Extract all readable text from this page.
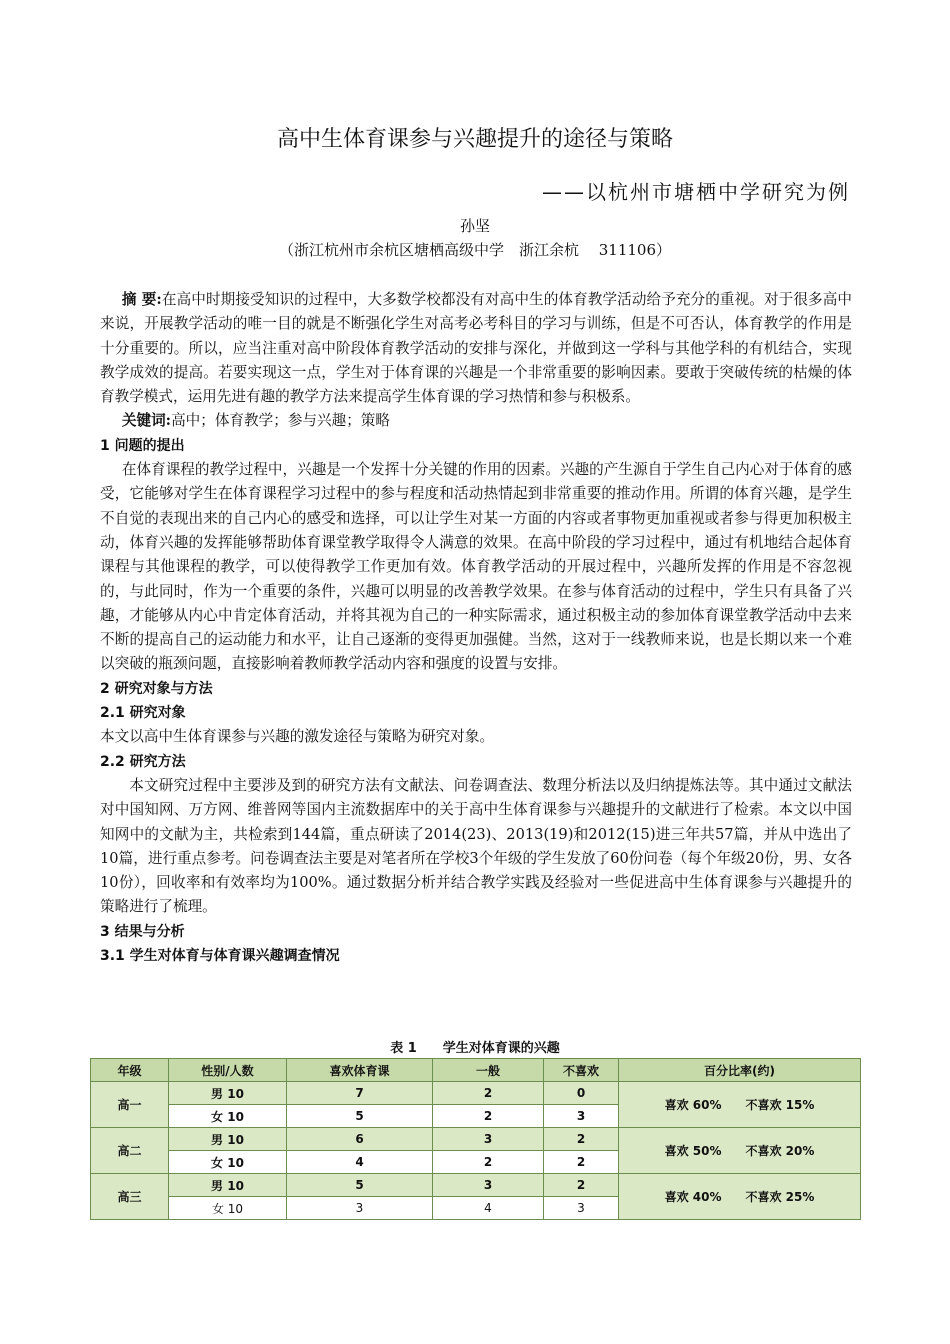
高中生体育课参与兴趣提升的途径与策略
——以杭州市塘栖中学研究为例
孙坚
（浙江杭州市余杭区塘栖高级中学　浙江余杭　 311106）

摘 要:在高中时期接受知识的过程中，大多数学校都没有对高中生的体育教学活动给予充分的重视。对于很多高中来说，开展教学活动的唯一目的就是不断强化学生对高考必考科目的学习与训练，但是不可否认，体育教学的作用是十分重要的。所以，应当注重对高中阶段体育教学活动的安排与深化，并做到这一学科与其他学科的有机结合，实现教学成效的提高。若要实现这一点，学生对于体育课的兴趣是一个非常重要的影响因素。要敢于突破传统的枯燥的体育教学模式，运用先进有趣的教学方法来提高学生体育课的学习热情和参与积极系。

关键词:高中；体育教学；参与兴趣；策略

1 问题的提出

在体育课程的教学过程中，兴趣是一个发挥十分关键的作用的因素。兴趣的产生源自于学生自己内心对于体育的感受，它能够对学生在体育课程学习过程中的参与程度和活动热情起到非常重要的推动作用。所谓的体育兴趣，是学生不自觉的表现出来的自己内心的感受和选择，可以让学生对某一方面的内容或者事物更加重视或者参与得更加积极主动，体育兴趣的发挥能够帮助体育课堂教学取得令人满意的效果。在高中阶段的学习过程中，通过有机地结合起体育课程与其他课程的教学，可以使得教学工作更加有效。体育教学活动的开展过程中，兴趣所发挥的作用是不容忽视的，与此同时，作为一个重要的条件，兴趣可以明显的改善教学效果。在参与体育活动的过程中，学生只有具备了兴趣，才能够从内心中肯定体育活动，并将其视为自己的一种实际需求，通过积极主动的参加体育课堂教学活动中去来不断的提高自己的运动能力和水平，让自己逐渐的变得更加强健。当然，这对于一线教师来说，也是长期以来一个难以突破的瓶颈问题，直接影响着教师教学活动内容和强度的设置与安排。

2 研究对象与方法

2.1 研究对象

本文以高中生体育课参与兴趣的激发途径与策略为研究对象。

2.2 研究方法

本文研究过程中主要涉及到的研究方法有文献法、问卷调查法、数理分析法以及归纳提炼法等。其中通过文献法对中国知网、万方网、维普网等国内主流数据库中的关于高中生体育课参与兴趣提升的文献进行了检索。本文以中国知网中的文献为主，共检索到144篇，重点研读了2014(23)、2013(19)和2012(15)进三年共57篇，并从中选出了10篇，进行重点参考。问卷调查法主要是对笔者所在学校3个年级的学生发放了60份问卷（每个年级20份，男、女各10份），回收率和有效率均为100%。通过数据分析并结合教学实践及经验对一些促进高中生体育课参与兴趣提升的策略进行了梳理。

3 结果与分析

3.1 学生对体育与体育课兴趣调查情况

表 1　　学生对体育课的兴趣
年级	性别/人数	喜欢体育课	一般	不喜欢	百分比率(约)
高一	男 10	7	2	0	喜欢 60%　　不喜欢 15%
	女 10	5	2	3	
高二	男 10	6	3	2	喜欢 50%　　不喜欢 20%
	女 10	4	2	2	
高三	男 10	5	3	2	喜欢 40%　　不喜欢 25%
	女 10	3	4	3	
